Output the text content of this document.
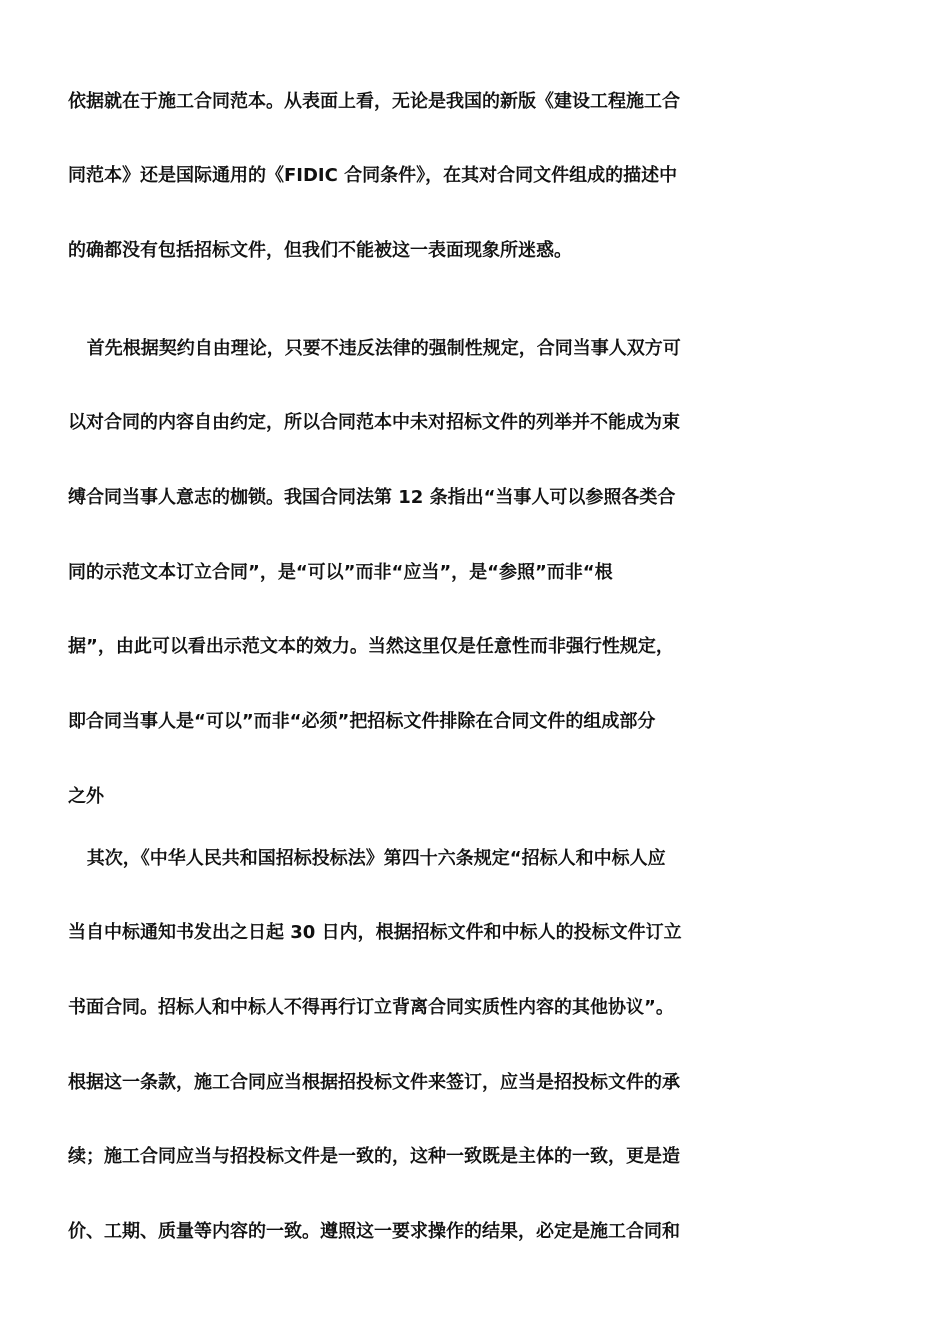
依据就在于施工合同范本。从表面上看，无论是我国的新版《建设工程施工合
同范本》还是国际通用的《FIDIC 合同条件》，在其对合同文件组成的描述中
的确都没有包括招标文件，但我们不能被这一表面现象所迷惑。
首先根据契约自由理论，只要不违反法律的强制性规定，合同当事人双方可
以对合同的内容自由约定，所以合同范本中未对招标文件的列举并不能成为束
缚合同当事人意志的枷锁。我国合同法第 12 条指出“当事人可以参照各类合
同的示范文本订立合同”，是“可以”而非“应当”，是“参照”而非“根
据”，由此可以看出示范文本的效力。当然这里仅是任意性而非强行性规定，
即合同当事人是“可以”而非“必须”把招标文件排除在合同文件的组成部分
之外
其次，《中华人民共和国招标投标法》第四十六条规定“招标人和中标人应
当自中标通知书发出之日起 30 日内，根据招标文件和中标人的投标文件订立
书面合同。招标人和中标人不得再行订立背离合同实质性内容的其他协议”。
根据这一条款，施工合同应当根据招投标文件来签订，应当是招投标文件的承
续；施工合同应当与招投标文件是一致的，这种一致既是主体的一致，更是造
价、工期、质量等内容的一致。遵照这一要求操作的结果，必定是施工合同和
